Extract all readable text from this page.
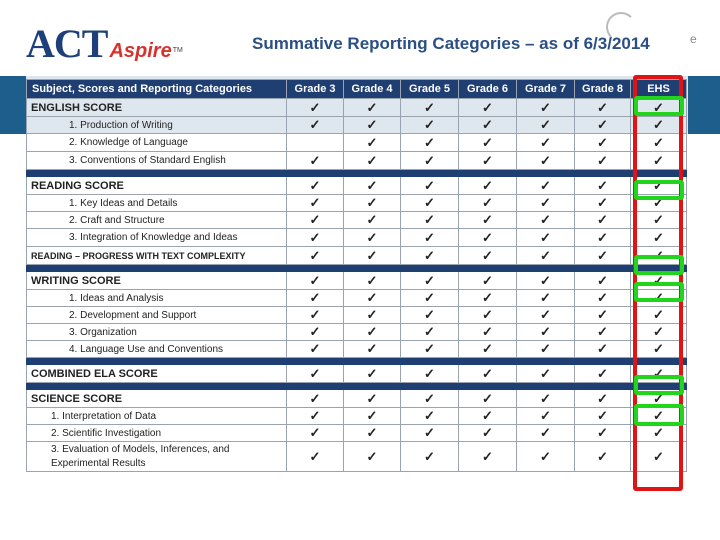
ACT Aspire TM	Summative Reporting Categories – as of 6/3/2014	e
Subject, Scores and Reporting Categories	Grade 3	Grade 4	Grade 5	Grade 6	Grade 7	Grade 8	EHS
ENGLISH SCORE	✓	✓	✓	✓	✓	✓	✓
1. Production of Writing	✓	✓	✓	✓	✓	✓	✓
2. Knowledge of Language		✓	✓	✓	✓	✓	✓
3. Conventions of Standard English	✓	✓	✓	✓	✓	✓	✓

READING SCORE	✓	✓	✓	✓	✓	✓	✓
1. Key Ideas and Details	✓	✓	✓	✓	✓	✓	✓
2. Craft and Structure	✓	✓	✓	✓	✓	✓	✓
3. Integration of Knowledge and Ideas	✓	✓	✓	✓	✓	✓	✓
READING – PROGRESS WITH TEXT COMPLEXITY	✓	✓	✓	✓	✓	✓	✓

WRITING SCORE	✓	✓	✓	✓	✓	✓	✓
1. Ideas and Analysis	✓	✓	✓	✓	✓	✓	✓
2. Development and Support	✓	✓	✓	✓	✓	✓	✓
3. Organization	✓	✓	✓	✓	✓	✓	✓
4. Language Use and Conventions	✓	✓	✓	✓	✓	✓	✓

COMBINED ELA SCORE	✓	✓	✓	✓	✓	✓	✓

SCIENCE SCORE	✓	✓	✓	✓	✓	✓	✓
1. Interpretation of Data	✓	✓	✓	✓	✓	✓	✓
2. Scientific Investigation	✓	✓	✓	✓	✓	✓	✓

3. Evaluation of Models, Inferences, and
Experimental Results	✓	✓	✓	✓	✓	✓	✓
